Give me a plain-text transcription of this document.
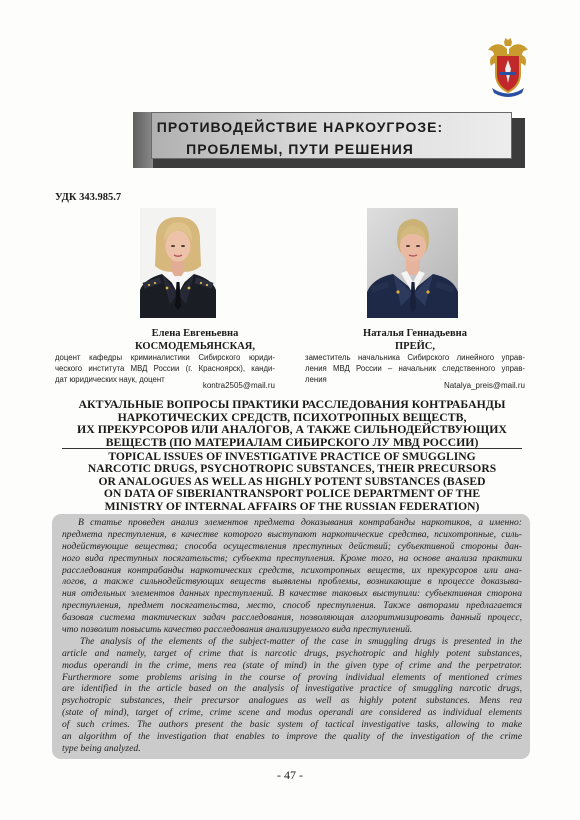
ПРОТИВОДЕЙСТВИЕ НАРКОУГРОЗЕ:
ПРОБЛЕМЫ, ПУТИ РЕШЕНИЯ
УДК 343.985.7
Елена Евгеньевна
КОСМОДЕМЬЯНСКАЯ,
Наталья Геннадьевна
ПРЕЙС,
доцент кафедры криминалистики Сибирского юриди-
ческого института МВД России (г. Красноярск), канди-
дат юридических наук, доцент
kontra2505@mail.ru
заместитель начальника Сибирского линейного управ-
ления МВД России – начальник следственного управ-
ления
Natalya_preis@mail.ru
АКТУАЛЬНЫЕ ВОПРОСЫ ПРАКТИКИ РАССЛЕДОВАНИЯ КОНТРАБАНДЫ
НАРКОТИЧЕСКИХ СРЕДСТВ, ПСИХОТРОПНЫХ ВЕЩЕСТВ,
ИХ ПРЕКУРСОРОВ ИЛИ АНАЛОГОВ, А ТАКЖЕ СИЛЬНОДЕЙСТВУЮЩИХ
ВЕЩЕСТВ (ПО МАТЕРИАЛАМ СИБИРСКОГО ЛУ МВД РОССИИ)
TOPICAL ISSUES OF INVESTIGATIVE PRACTICE OF SMUGGLING
NARCOTIC DRUGS, PSYCHOTROPIC SUBSTANCES, THEIR PRECURSORS
OR ANALOGUES AS WELL AS HIGHLY POTENT SUBSTANCES (BASED
ON DATA OF SIBERIANTRANSPORT POLICE DEPARTMENT OF THE
MINISTRY OF INTERNAL AFFAIRS OF THE RUSSIAN FEDERATION)
В статье проведен анализ элементов предмета доказывания контрабанды наркотиков, а именно:
предмета преступления, в качестве которого выступают наркотические средства, психотропные, силь-
нодействующие вещества; способа осуществления преступных действий; субъективной стороны дан-
ного вида преступных посягательств; субъекта преступления. Кроме того, на основе анализа практики
расследования контрабанды наркотических средств, психотропных веществ, их прекурсоров или ана-
логов, а также сильнодействующих веществ выявлены проблемы, возникающие в процессе доказыва-
ния отдельных элементов данных преступлений. В качестве таковых выступили: субъективная сторона
преступления, предмет посягательства, место, способ преступления. Также авторами предлагается
базовая система тактических задач расследования, позволяющая алгоритмизировать данный процесс,
что позволит повысить качество расследования анализируемого вида преступлений.
The analysis of the elements of the subject-matter of the case in smuggling drugs is presented in the
article and namely, target of crime that is narcotic drugs, psychotropic and highly potent substances,
modus operandi in the crime, mens rea (state of mind) in the given type of crime and the perpetrator.
Furthermore some problems arising in the course of proving individual elements of mentioned crimes
are identified in the article based on the analysis of investigative practice of smuggling narcotic drugs,
psychotropic substances, their precursor analogues as well as highly potent substances. Mens rea
(state of mind), target of crime, crime scene and modus operandi are considered as individual elements
of such crimes. The authors present the basic system of tactical investigative tasks, allowing to make
an algorithm of the investigation that enables to improve the quality of the investigation of the crime
type being analyzed.
- 47 -
